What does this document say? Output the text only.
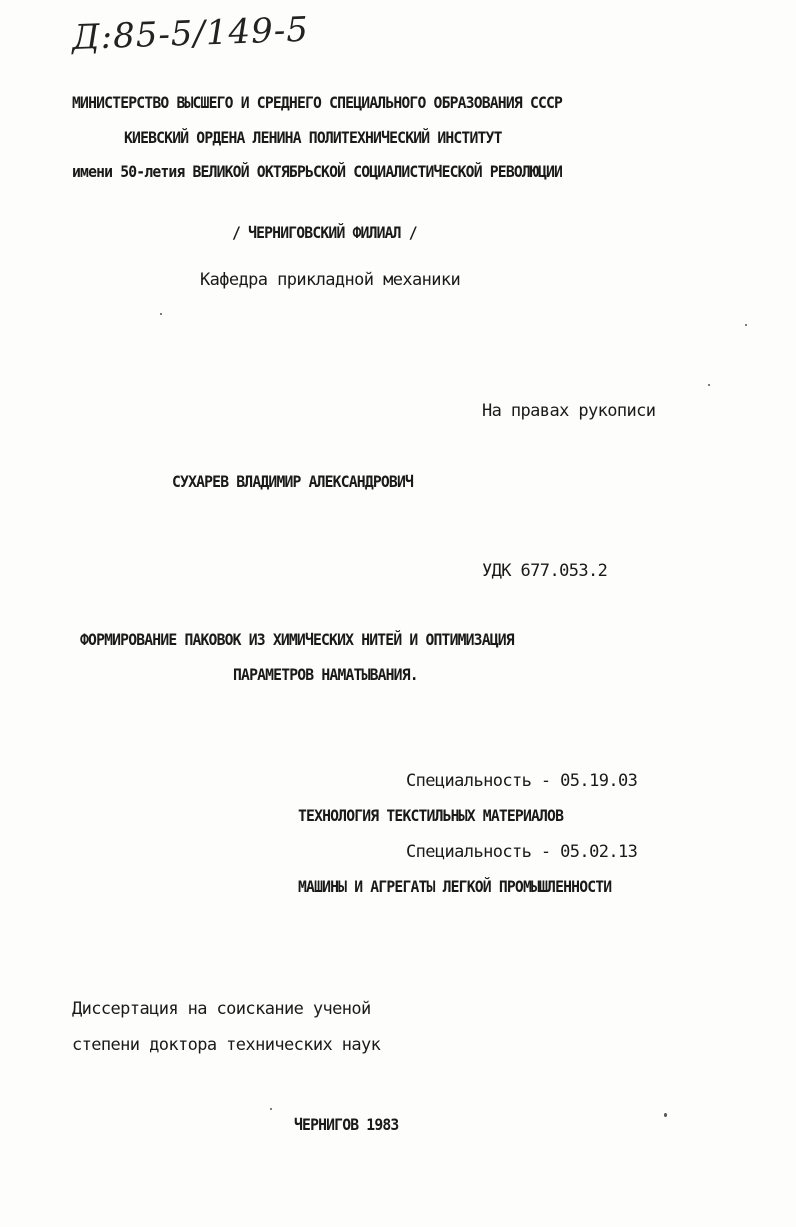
Д:85-5/149-5
МИНИСТЕРСТВО ВЫСШЕГО И СРЕДНЕГО СПЕЦИАЛЬНОГО ОБРАЗОВАНИЯ СССР
КИЕВСКИЙ ОРДЕНА ЛЕНИНА ПОЛИТЕХНИЧЕСКИЙ ИНСТИТУТ
имени 50-летия ВЕЛИКОЙ ОКТЯБРЬСКОЙ СОЦИАЛИСТИЧЕСКОЙ РЕВОЛЮЦИИ
/ ЧЕРНИГОВСКИЙ ФИЛИАЛ /
Кафедра прикладной механики
На правах рукописи
СУХАРЕВ ВЛАДИМИР АЛЕКСАНДРОВИЧ
УДК 677.053.2
ФОРМИРОВАНИЕ ПАКОВОК ИЗ ХИМИЧЕСКИХ НИТЕЙ И ОПТИМИЗАЦИЯ
ПАРАМЕТРОВ НАМАТЫВАНИЯ.
Специальность - 05.19.03
ТЕХНОЛОГИЯ ТЕКСТИЛЬНЫХ МАТЕРИАЛОВ
Специальность - 05.02.13
МАШИНЫ И АГРЕГАТЫ ЛЕГКОЙ ПРОМЫШЛЕННОСТИ
Диссертация на соискание ученой
степени доктора технических наук
ЧЕРНИГОВ 1983
